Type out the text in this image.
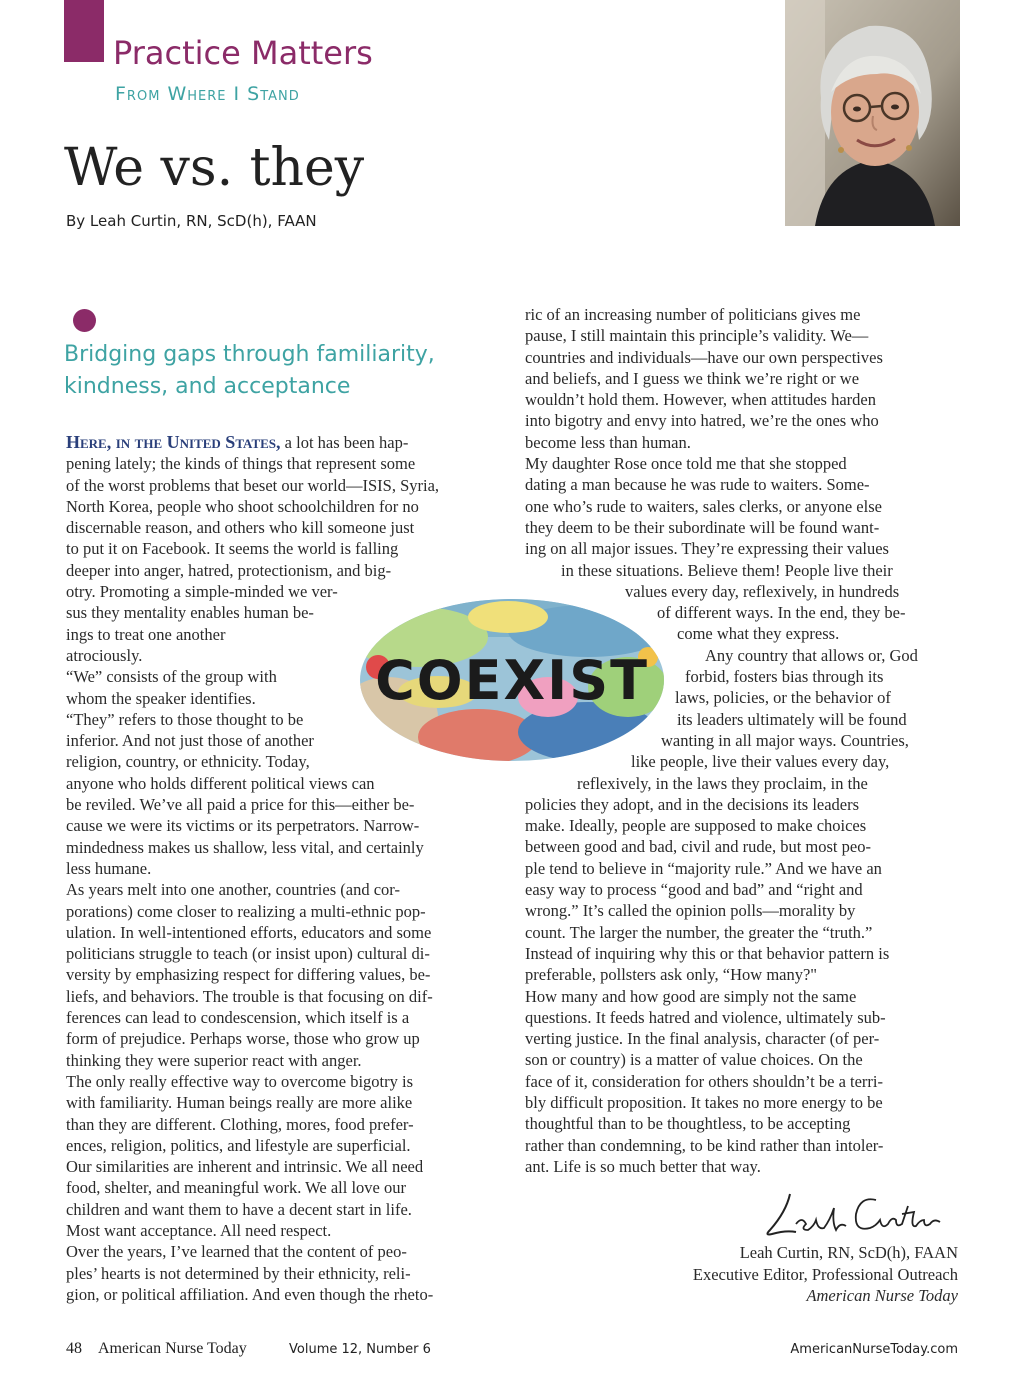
Practice Matters
From Where I Stand
We vs. they
By Leah Curtin, RN, ScD(h), FAAN
Bridging gaps through familiarity,
kindness, and acceptance
Here, in the United States, a lot has been hap-
pening lately; the kinds of things that represent some
of the worst problems that beset our world—ISIS, Syria,
North Korea, people who shoot schoolchildren for no
discernable reason, and others who kill someone just
to put it on Facebook. It seems the world is falling
deeper into anger, hatred, protectionism, and big-
otry. Promoting a simple-minded we ver-
sus they mentality enables human be-
ings to treat one another
atrociously.
“We” consists of the group with
whom the speaker identifies.
“They” refers to those thought to be
inferior. And not just those of another
religion, country, or ethnicity. Today,
anyone who holds different political views can
be reviled. We’ve all paid a price for this—either be-
cause we were its victims or its perpetrators. Narrow-
mindedness makes us shallow, less vital, and certainly
less humane.
As years melt into one another, countries (and cor-
porations) come closer to realizing a multi-ethnic pop-
ulation. In well-intentioned efforts, educators and some
politicians struggle to teach (or insist upon) cultural di-
versity by emphasizing respect for differing values, be-
liefs, and behaviors. The trouble is that focusing on dif-
ferences can lead to condescension, which itself is a
form of prejudice. Perhaps worse, those who grow up
thinking they were superior react with anger.
The only really effective way to overcome bigotry is
with familiarity. Human beings really are more alike
than they are different. Clothing, mores, food prefer-
ences, religion, politics, and lifestyle are superficial.
Our similarities are inherent and intrinsic. We all need
food, shelter, and meaningful work. We all love our
children and want them to have a decent start in life.
Most want acceptance. All need respect.
Over the years, I’ve learned that the content of peo-
ples’ hearts is not determined by their ethnicity, reli-
gion, or political affiliation. And even though the rheto-
ric of an increasing number of politicians gives me
pause, I still maintain this principle’s validity. We—
countries and individuals—have our own perspectives
and beliefs, and I guess we think we’re right or we
wouldn’t hold them. However, when attitudes harden
into bigotry and envy into hatred, we’re the ones who
become less than human.
My daughter Rose once told me that she stopped
dating a man because he was rude to waiters. Some-
one who’s rude to waiters, sales clerks, or anyone else
they deem to be their subordinate will be found want-
ing on all major issues. They’re expressing their values
in these situations. Believe them! People live their
values every day, reflexively, in hundreds
of different ways. In the end, they be-
come what they express.
Any country that allows or, God
forbid, fosters bias through its
laws, policies, or the behavior of
its leaders ultimately will be found
wanting in all major ways. Countries,
like people, live their values every day,
reflexively, in the laws they proclaim, in the
policies they adopt, and in the decisions its leaders
make. Ideally, people are supposed to make choices
between good and bad, civil and rude, but most peo-
ple tend to believe in “majority rule.” And we have an
easy way to process “good and bad” and “right and
wrong.” It’s called the opinion polls—morality by
count. The larger the number, the greater the “truth.”
Instead of inquiring why this or that behavior pattern is
preferable, pollsters ask only, “How many?"
How many and how good are simply not the same
questions. It feeds hatred and violence, ultimately sub-
verting justice. In the final analysis, character (of per-
son or country) is a matter of value choices. On the
face of it, consideration for others shouldn’t be a terri-
bly difficult proposition. It takes no more energy to be
thoughtful than to be thoughtless, to be accepting
rather than condemning, to be kind rather than intoler-
ant. Life is so much better that way.
COEXIST
Leah Curtin
Leah Curtin, RN, ScD(h), FAAN
Executive Editor, Professional Outreach
American Nurse Today
48 American Nurse Today	Volume 12, Number 6	AmericanNurseToday.com
